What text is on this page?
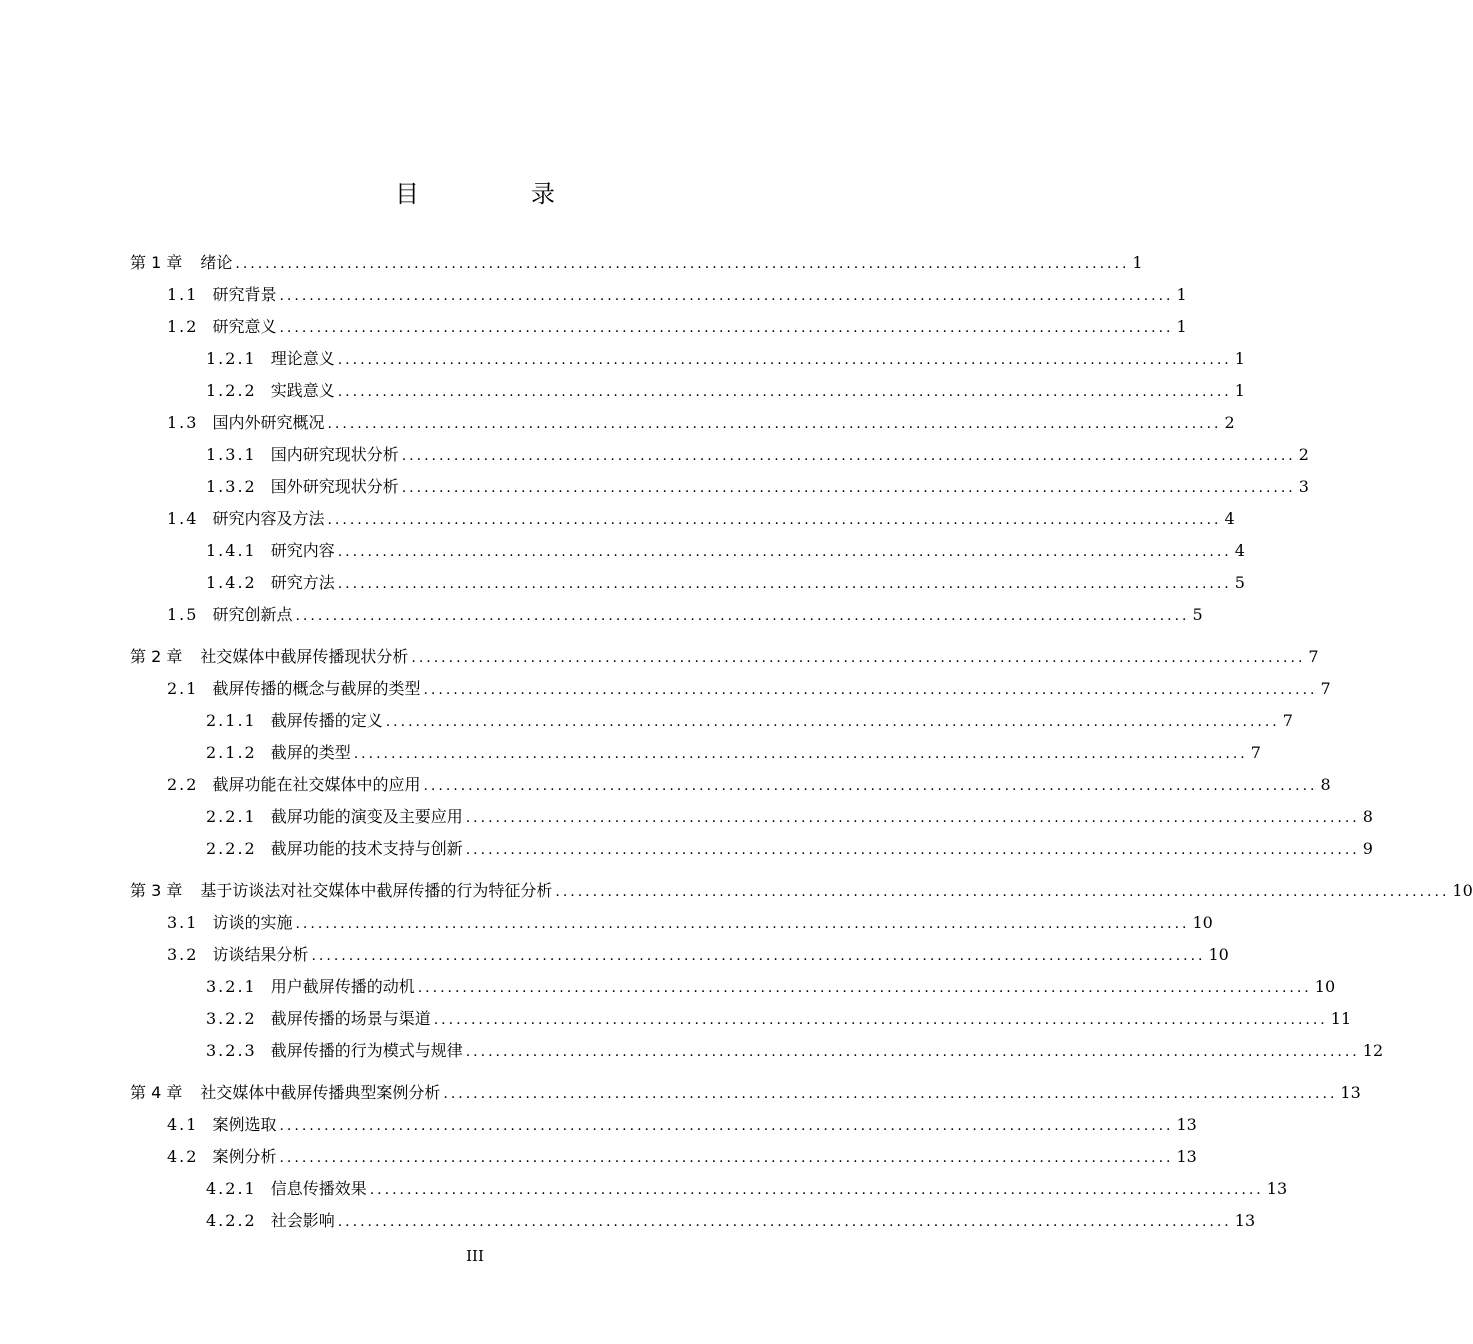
目　录
第 1 章 绪论 ........................................................................................................................ 1
1.1 研究背景 ........................................................................................................................ 1
1.2 研究意义 ........................................................................................................................ 1
1.2.1 理论意义 ........................................................................................................................ 1
1.2.2 实践意义 ........................................................................................................................ 1
1.3 国内外研究概况 ........................................................................................................................ 2
1.3.1 国内研究现状分析 ........................................................................................................................ 2
1.3.2 国外研究现状分析 ........................................................................................................................ 3
1.4 研究内容及方法 ........................................................................................................................ 4
1.4.1 研究内容 ........................................................................................................................ 4
1.4.2 研究方法 ........................................................................................................................ 5
1.5 研究创新点 ........................................................................................................................ 5
第 2 章 社交媒体中截屏传播现状分析 ........................................................................................................................ 7
2.1 截屏传播的概念与截屏的类型 ........................................................................................................................ 7
2.1.1 截屏传播的定义 ........................................................................................................................ 7
2.1.2 截屏的类型 ........................................................................................................................ 7
2.2 截屏功能在社交媒体中的应用 ........................................................................................................................ 8
2.2.1 截屏功能的演变及主要应用 ........................................................................................................................ 8
2.2.2 截屏功能的技术支持与创新 ........................................................................................................................ 9
第 3 章 基于访谈法对社交媒体中截屏传播的行为特征分析 ........................................................................................................................ 10
3.1 访谈的实施 ........................................................................................................................ 10
3.2 访谈结果分析 ........................................................................................................................ 10
3.2.1 用户截屏传播的动机 ........................................................................................................................ 10
3.2.2 截屏传播的场景与渠道 ........................................................................................................................ 11
3.2.3 截屏传播的行为模式与规律 ........................................................................................................................ 12
第 4 章 社交媒体中截屏传播典型案例分析 ........................................................................................................................ 13
4.1 案例选取 ........................................................................................................................ 13
4.2 案例分析 ........................................................................................................................ 13
4.2.1 信息传播效果 ........................................................................................................................ 13
4.2.2 社会影响 ........................................................................................................................ 13
III
